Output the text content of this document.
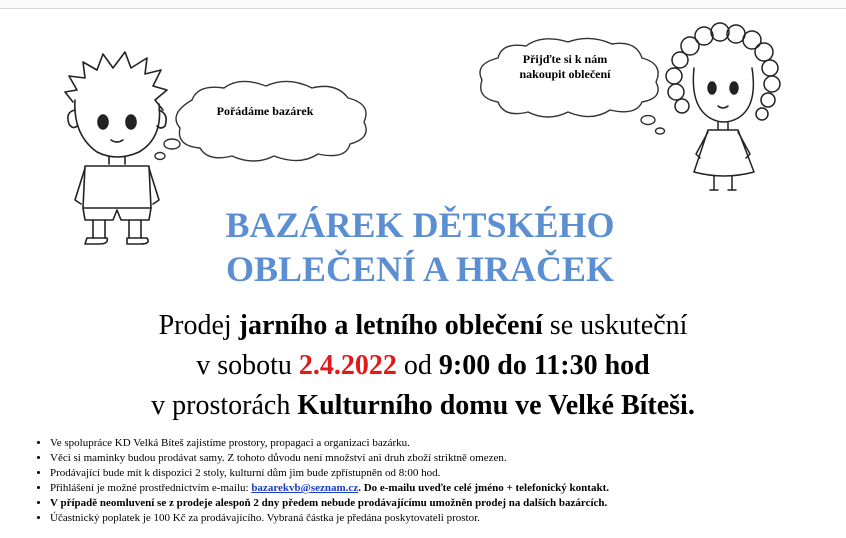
Pořádáme bazárek
Přijďte si k nám
nakoupit oblečení
BAZÁREK DĚTSKÉHO
OBLEČENÍ A HRAČEK
Prodej jarního a letního oblečení se uskuteční
v sobotu 2.4.2022 od 9:00 do 11:30 hod
v prostorách Kulturního domu ve Velké Bíteši.
• Ve spolupráce KD Velká Bíteš zajistíme prostory, propagaci a organizaci bazárku.
• Věci si maminky budou prodávat samy. Z tohoto důvodu není množství ani druh zboží striktně omezen.
• Prodávající bude mít k dispozici 2 stoly, kulturní dům jim bude zpřístupněn od 8:00 hod.
• Přihlášení je možné prostřednictvím e-mailu: bazarekvb@seznam.cz. Do e-mailu uveďte celé jméno + telefonický kontakt.
• V případě neomluvení se z prodeje alespoň 2 dny předem nebude prodávajícímu umožněn prodej na dalších bazárcích.
• Účastnický poplatek je 100 Kč za prodávajícího. Vybraná částka je předána poskytovateli prostor.
